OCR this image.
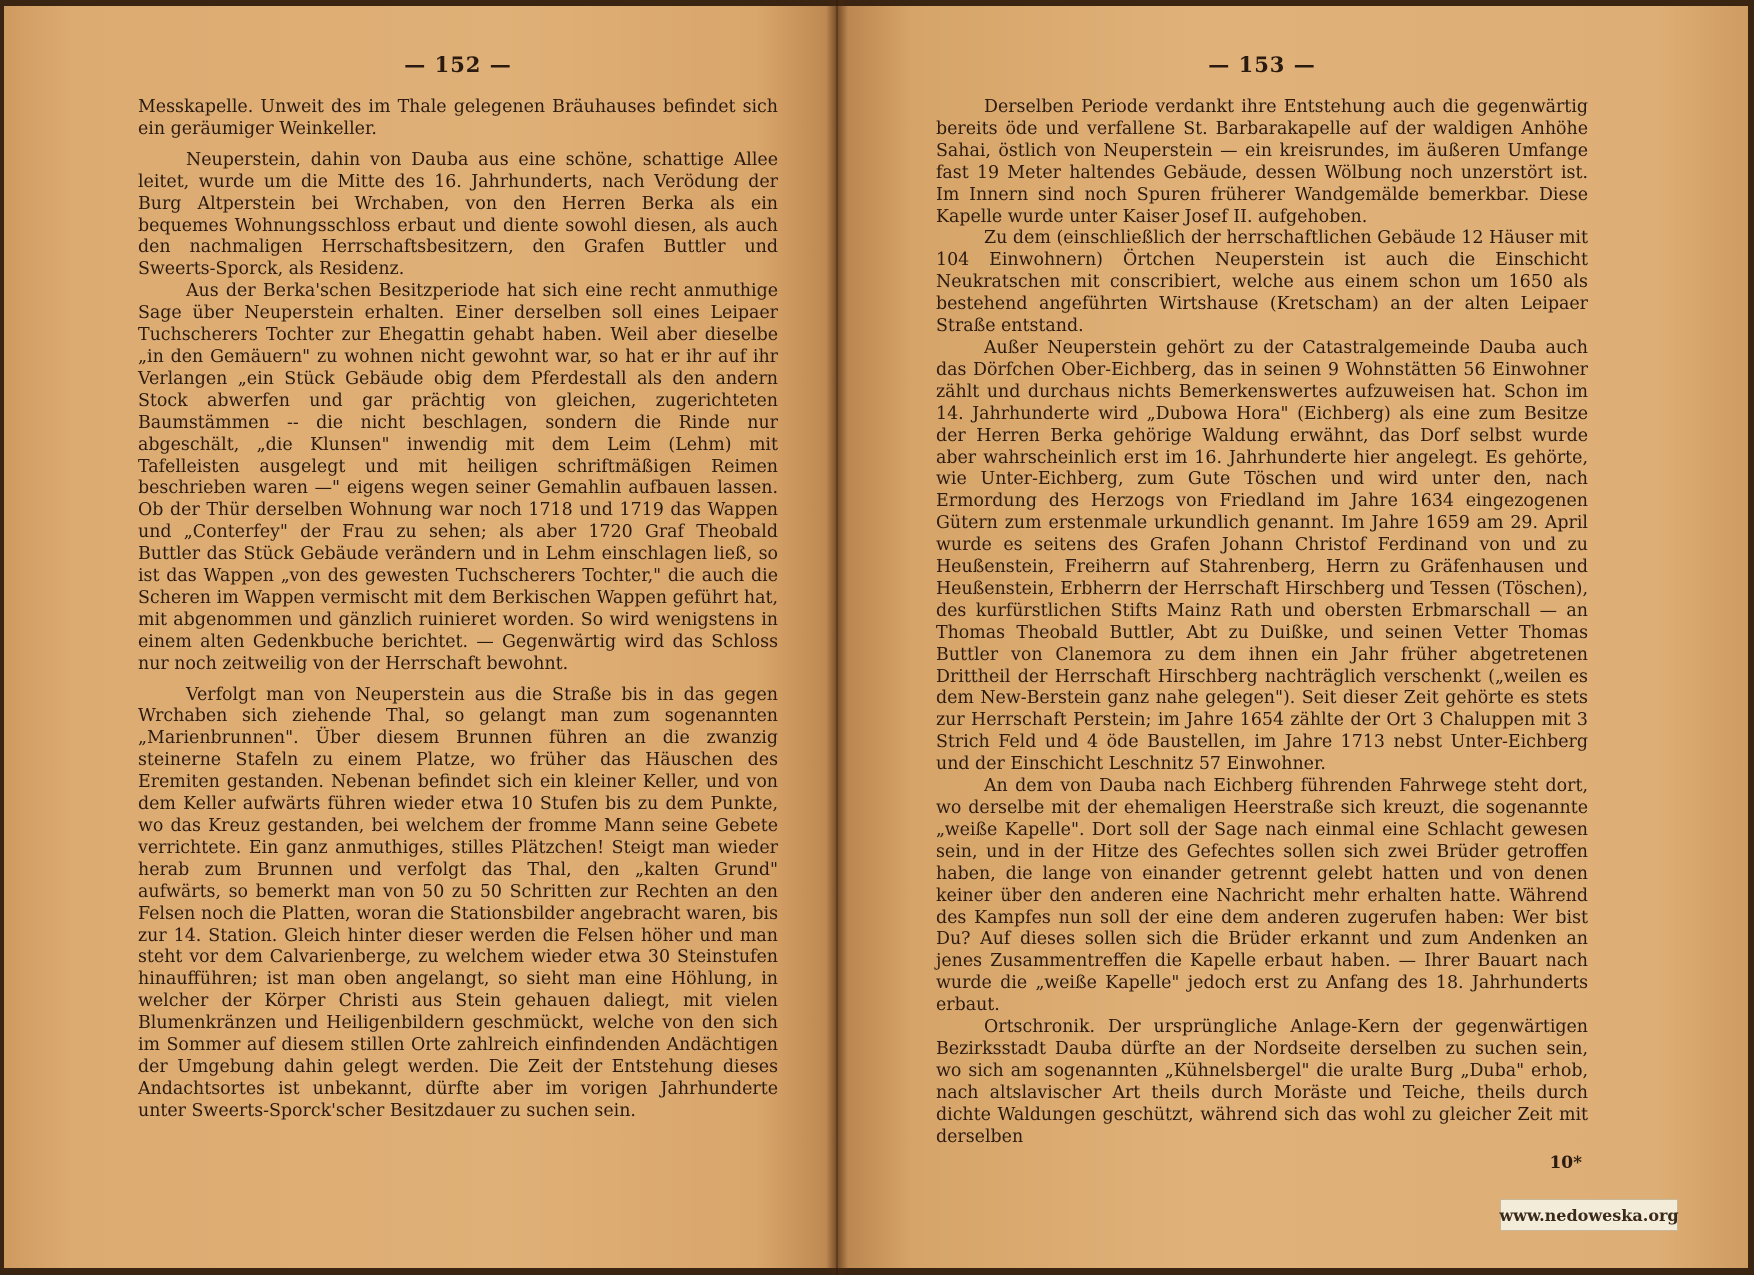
— 152 —

Messkapelle. Unweit des im Thale gelegenen Bräuhauses befindet sich ein geräumiger Weinkeller.

Neuperstein, dahin von Dauba aus eine schöne, schattige Allee leitet, wurde um die Mitte des 16. Jahrhunderts, nach Verödung der Burg Altperstein bei Wrchaben, von den Herren Berka als ein bequemes Wohnungsschloss erbaut und diente sowohl diesen, als auch den nachmaligen Herrschaftsbesitzern, den Grafen Buttler und Sweerts-Sporck, als Residenz.

Aus der Berka'schen Besitzperiode hat sich eine recht anmuthige Sage über Neuperstein erhalten. Einer derselben soll eines Leipaer Tuchscherers Tochter zur Ehegattin gehabt haben. Weil aber dieselbe „in den Gemäuern" zu wohnen nicht gewohnt war, so hat er ihr auf ihr Verlangen „ein Stück Gebäude obig dem Pferdestall als den andern Stock abwerfen und gar prächtig von gleichen, zugerichteten Baumstämmen -- die nicht beschlagen, sondern die Rinde nur abgeschält, „die Klunsen" inwendig mit dem Leim (Lehm) mit Tafelleisten ausgelegt und mit heiligen schriftmäßigen Reimen beschrieben waren —" eigens wegen seiner Gemahlin aufbauen lassen. Ob der Thür derselben Wohnung war noch 1718 und 1719 das Wappen und „Conterfey" der Frau zu sehen; als aber 1720 Graf Theobald Buttler das Stück Gebäude verändern und in Lehm einschlagen ließ, so ist das Wappen „von des gewesten Tuchscherers Tochter," die auch die Scheren im Wappen vermischt mit dem Berkischen Wappen geführt hat, mit abgenommen und gänzlich ruinieret worden. So wird wenigstens in einem alten Gedenkbuche berichtet. — Gegenwärtig wird das Schloss nur noch zeitweilig von der Herrschaft bewohnt.

Verfolgt man von Neuperstein aus die Straße bis in das gegen Wrchaben sich ziehende Thal, so gelangt man zum sogenannten „Marienbrunnen". Über diesem Brunnen führen an die zwanzig steinerne Stafeln zu einem Platze, wo früher das Häuschen des Eremiten gestanden. Nebenan befindet sich ein kleiner Keller, und von dem Keller aufwärts führen wieder etwa 10 Stufen bis zu dem Punkte, wo das Kreuz gestanden, bei welchem der fromme Mann seine Gebete verrichtete. Ein ganz anmuthiges, stilles Plätzchen! Steigt man wieder herab zum Brunnen und verfolgt das Thal, den „kalten Grund" aufwärts, so bemerkt man von 50 zu 50 Schritten zur Rechten an den Felsen noch die Platten, woran die Stationsbilder angebracht waren, bis zur 14. Station. Gleich hinter dieser werden die Felsen höher und man steht vor dem Calvarienberge, zu welchem wieder etwa 30 Steinstufen hinaufführen; ist man oben angelangt, so sieht man eine Höhlung, in welcher der Körper Christi aus Stein gehauen daliegt, mit vielen Blumenkränzen und Heiligenbildern geschmückt, welche von den sich im Sommer auf diesem stillen Orte zahlreich einfindenden Andächtigen der Umgebung dahin gelegt werden. Die Zeit der Entstehung dieses Andachtsortes ist unbekannt, dürfte aber im vorigen Jahrhunderte unter Sweerts-Sporck'scher Besitzdauer zu suchen sein.

— 153 —

Derselben Periode verdankt ihre Entstehung auch die gegenwärtig bereits öde und verfallene St. Barbarakapelle auf der waldigen Anhöhe Sahai, östlich von Neuperstein — ein kreisrundes, im äußeren Umfange fast 19 Meter haltendes Gebäude, dessen Wölbung noch unzerstört ist. Im Innern sind noch Spuren früherer Wandgemälde bemerkbar. Diese Kapelle wurde unter Kaiser Josef II. aufgehoben.

Zu dem (einschließlich der herrschaftlichen Gebäude 12 Häuser mit 104 Einwohnern) Örtchen Neuperstein ist auch die Einschicht Neukratschen mit conscribiert, welche aus einem schon um 1650 als bestehend angeführten Wirtshause (Kretscham) an der alten Leipaer Straße entstand.

Außer Neuperstein gehört zu der Catastralgemeinde Dauba auch das Dörfchen Ober-Eichberg, das in seinen 9 Wohnstätten 56 Einwohner zählt und durchaus nichts Bemerkenswertes aufzuweisen hat. Schon im 14. Jahrhunderte wird „Dubowa Hora" (Eichberg) als eine zum Besitze der Herren Berka gehörige Waldung erwähnt, das Dorf selbst wurde aber wahrscheinlich erst im 16. Jahrhunderte hier angelegt. Es gehörte, wie Unter-Eichberg, zum Gute Töschen und wird unter den, nach Ermordung des Herzogs von Friedland im Jahre 1634 eingezogenen Gütern zum erstenmale urkundlich genannt. Im Jahre 1659 am 29. April wurde es seitens des Grafen Johann Christof Ferdinand von und zu Heußenstein, Freiherrn auf Stahrenberg, Herrn zu Gräfenhausen und Heußenstein, Erbherrn der Herrschaft Hirschberg und Tessen (Töschen), des kurfürstlichen Stifts Mainz Rath und obersten Erbmarschall — an Thomas Theobald Buttler, Abt zu Duißke, und seinen Vetter Thomas Buttler von Clanemora zu dem ihnen ein Jahr früher abgetretenen Drittheil der Herrschaft Hirschberg nachträglich verschenkt („weilen es dem New-Berstein ganz nahe gelegen"). Seit dieser Zeit gehörte es stets zur Herrschaft Perstein; im Jahre 1654 zählte der Ort 3 Chaluppen mit 3 Strich Feld und 4 öde Baustellen, im Jahre 1713 nebst Unter-Eichberg und der Einschicht Leschnitz 57 Einwohner.

An dem von Dauba nach Eichberg führenden Fahrwege steht dort, wo derselbe mit der ehemaligen Heerstraße sich kreuzt, die sogenannte „weiße Kapelle". Dort soll der Sage nach einmal eine Schlacht gewesen sein, und in der Hitze des Gefechtes sollen sich zwei Brüder getroffen haben, die lange von einander getrennt gelebt hatten und von denen keiner über den anderen eine Nachricht mehr erhalten hatte. Während des Kampfes nun soll der eine dem anderen zugerufen haben: Wer bist Du? Auf dieses sollen sich die Brüder erkannt und zum Andenken an jenes Zusammentreffen die Kapelle erbaut haben. — Ihrer Bauart nach wurde die „weiße Kapelle" jedoch erst zu Anfang des 18. Jahrhunderts erbaut.

Ortschronik. Der ursprüngliche Anlage-Kern der gegenwärtigen Bezirksstadt Dauba dürfte an der Nordseite derselben zu suchen sein, wo sich am sogenannten „Kühnelsbergel" die uralte Burg „Duba" erhob, nach altslavischer Art theils durch Moräste und Teiche, theils durch dichte Waldungen geschützt, während sich das wohl zu gleicher Zeit mit derselben

10*
www.nedoweska.org
